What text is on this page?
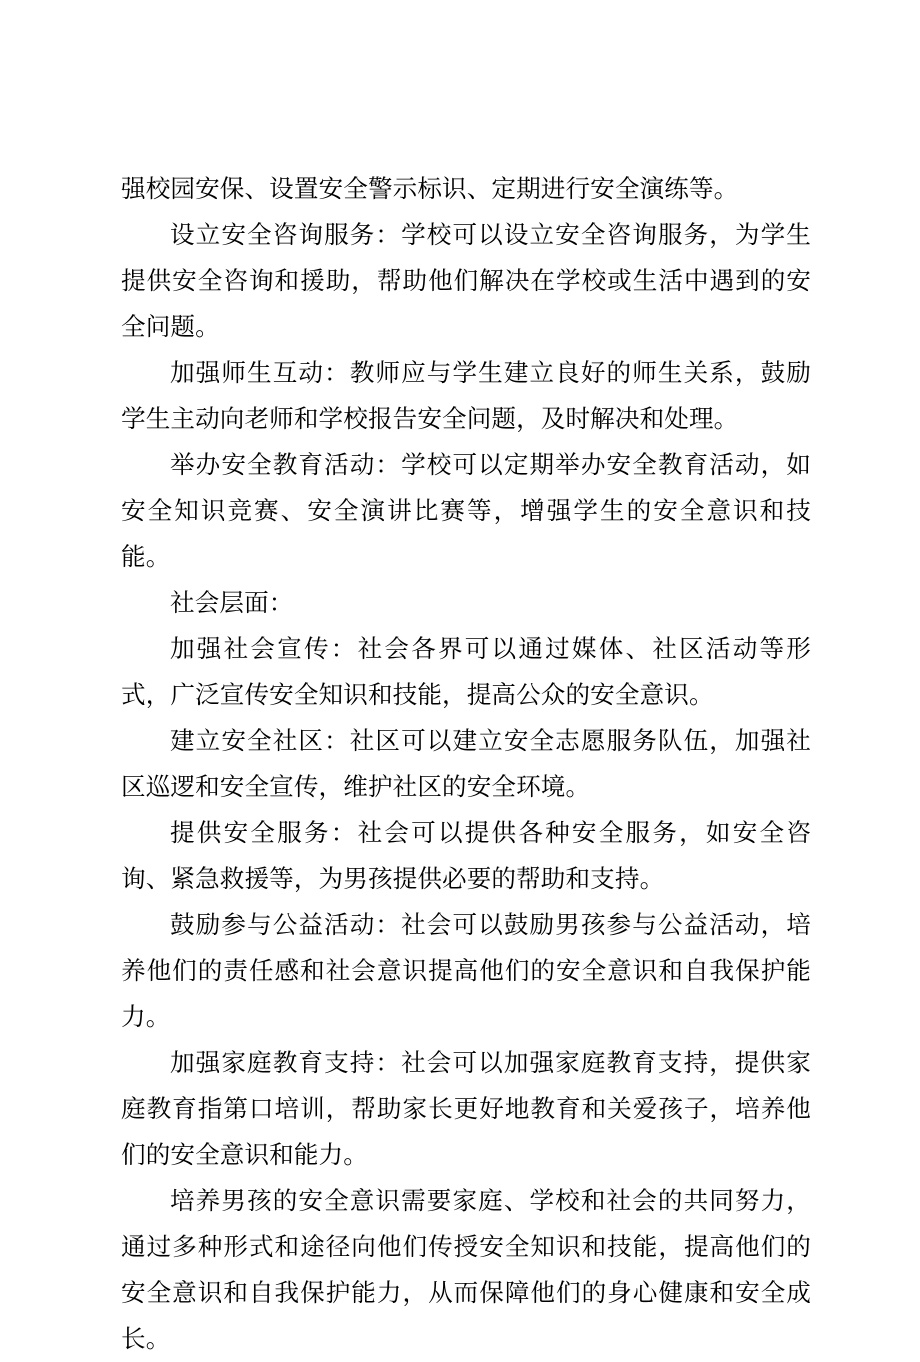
强校园安保、设置安全警示标识、定期进行安全演练等。

设立安全咨询服务：学校可以设立安全咨询服务，为学生提供安全咨询和援助，帮助他们解决在学校或生活中遇到的安全问题。

加强师生互动：教师应与学生建立良好的师生关系，鼓励学生主动向老师和学校报告安全问题，及时解决和处理。

举办安全教育活动：学校可以定期举办安全教育活动，如安全知识竞赛、安全演讲比赛等，增强学生的安全意识和技能。

社会层面：

加强社会宣传：社会各界可以通过媒体、社区活动等形式，广泛宣传安全知识和技能，提高公众的安全意识。

建立安全社区：社区可以建立安全志愿服务队伍，加强社区巡逻和安全宣传，维护社区的安全环境。

提供安全服务：社会可以提供各种安全服务，如安全咨询、紧急救援等，为男孩提供必要的帮助和支持。

鼓励参与公益活动：社会可以鼓励男孩参与公益活动，培养他们的责任感和社会意识提高他们的安全意识和自我保护能力。

加强家庭教育支持：社会可以加强家庭教育支持，提供家庭教育指第口培训，帮助家长更好地教育和关爱孩子，培养他们的安全意识和能力。

培养男孩的安全意识需要家庭、学校和社会的共同努力，通过多种形式和途径向他们传授安全知识和技能，提高他们的安全意识和自我保护能力，从而保障他们的身心健康和安全成长。
